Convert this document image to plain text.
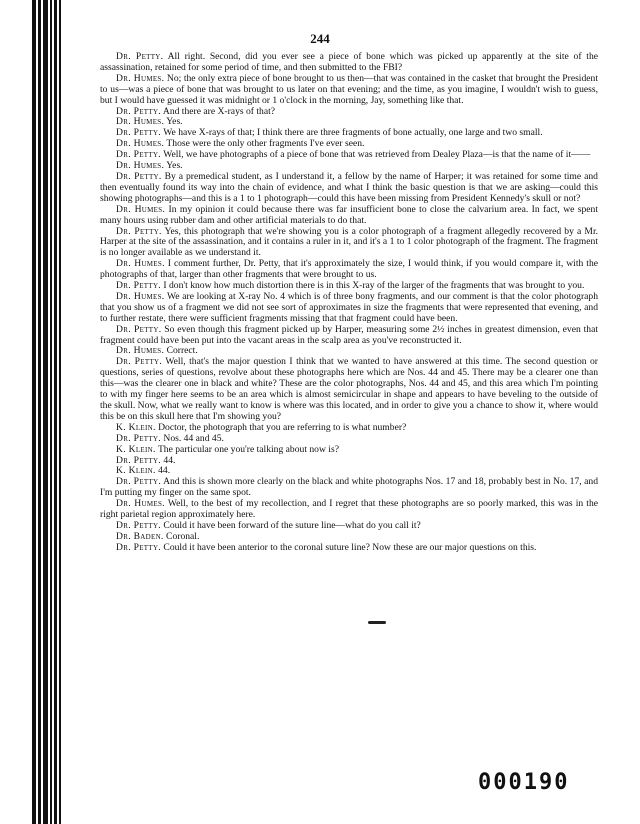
244

Dr. Petty. All right. Second, did you ever see a piece of bone which was picked up apparently at the site of the assassination, retained for some period of time, and then submitted to the FBI?

Dr. Humes. No; the only extra piece of bone brought to us then—that was contained in the casket that brought the President to us—was a piece of bone that was brought to us later on that evening; and the time, as you imagine, I wouldn't wish to guess, but I would have guessed it was midnight or 1 o'clock in the morning, Jay, something like that.

Dr. Petty. And there are X-rays of that?

Dr. Humes. Yes.

Dr. Petty. We have X-rays of that; I think there are three fragments of bone actually, one large and two small.

Dr. Humes. Those were the only other fragments I've ever seen.

Dr. Petty. Well, we have photographs of a piece of bone that was retrieved from Dealey Plaza—is that the name of it——

Dr. Humes. Yes.

Dr. Petty. By a premedical student, as I understand it, a fellow by the name of Harper; it was retained for some time and then eventually found its way into the chain of evidence, and what I think the basic question is that we are asking—could this showing photographs—and this is a 1 to 1 photograph—could this have been missing from President Kennedy's skull or not?

Dr. Humes. In my opinion it could because there was far insufficient bone to close the calvarium area. In fact, we spent many hours using rubber dam and other artificial materials to do that.

Dr. Petty. Yes, this photograph that we're showing you is a color photograph of a fragment allegedly recovered by a Mr. Harper at the site of the assassination, and it contains a ruler in it, and it's a 1 to 1 color photograph of the fragment. The fragment is no longer available as we understand it.

Dr. Humes. I comment further, Dr. Petty, that it's approximately the size, I would think, if you would compare it, with the photographs of that, larger than other fragments that were brought to us.

Dr. Petty. I don't know how much distortion there is in this X-ray of the larger of the fragments that was brought to you.

Dr. Humes. We are looking at X-ray No. 4 which is of three bony fragments, and our comment is that the color photograph that you show us of a fragment we did not see sort of approximates in size the fragments that were represented that evening, and to further restate, there were sufficient fragments missing that that fragment could have been.

Dr. Petty. So even though this fragment picked up by Harper, measuring some 2½ inches in greatest dimension, even that fragment could have been put into the vacant areas in the scalp area as you've reconstructed it.

Dr. Humes. Correct.

Dr. Petty. Well, that's the major question I think that we wanted to have answered at this time. The second question or questions, series of questions, revolve about these photographs here which are Nos. 44 and 45. There may be a clearer one than this—was the clearer one in black and white? These are the color photographs, Nos. 44 and 45, and this area which I'm pointing to with my finger here seems to be an area which is almost semicircular in shape and appears to have beveling to the outside of the skull. Now, what we really want to know is where was this located, and in order to give you a chance to show it, where would this be on this skull here that I'm showing you?

K. Klein. Doctor, the photograph that you are referring to is what number?

Dr. Petty. Nos. 44 and 45.

K. Klein. The particular one you're talking about now is?

Dr. Petty. 44.

K. Klein. 44.

Dr. Petty. And this is shown more clearly on the black and white photographs Nos. 17 and 18, probably best in No. 17, and I'm putting my finger on the same spot.

Dr. Humes. Well, to the best of my recollection, and I regret that these photographs are so poorly marked, this was in the right parietal region approximately here.

Dr. Petty. Could it have been forward of the suture line—what do you call it?

Dr. Baden. Coronal.

Dr. Petty. Could it have been anterior to the coronal suture line? Now these are our major questions on this.

000190
